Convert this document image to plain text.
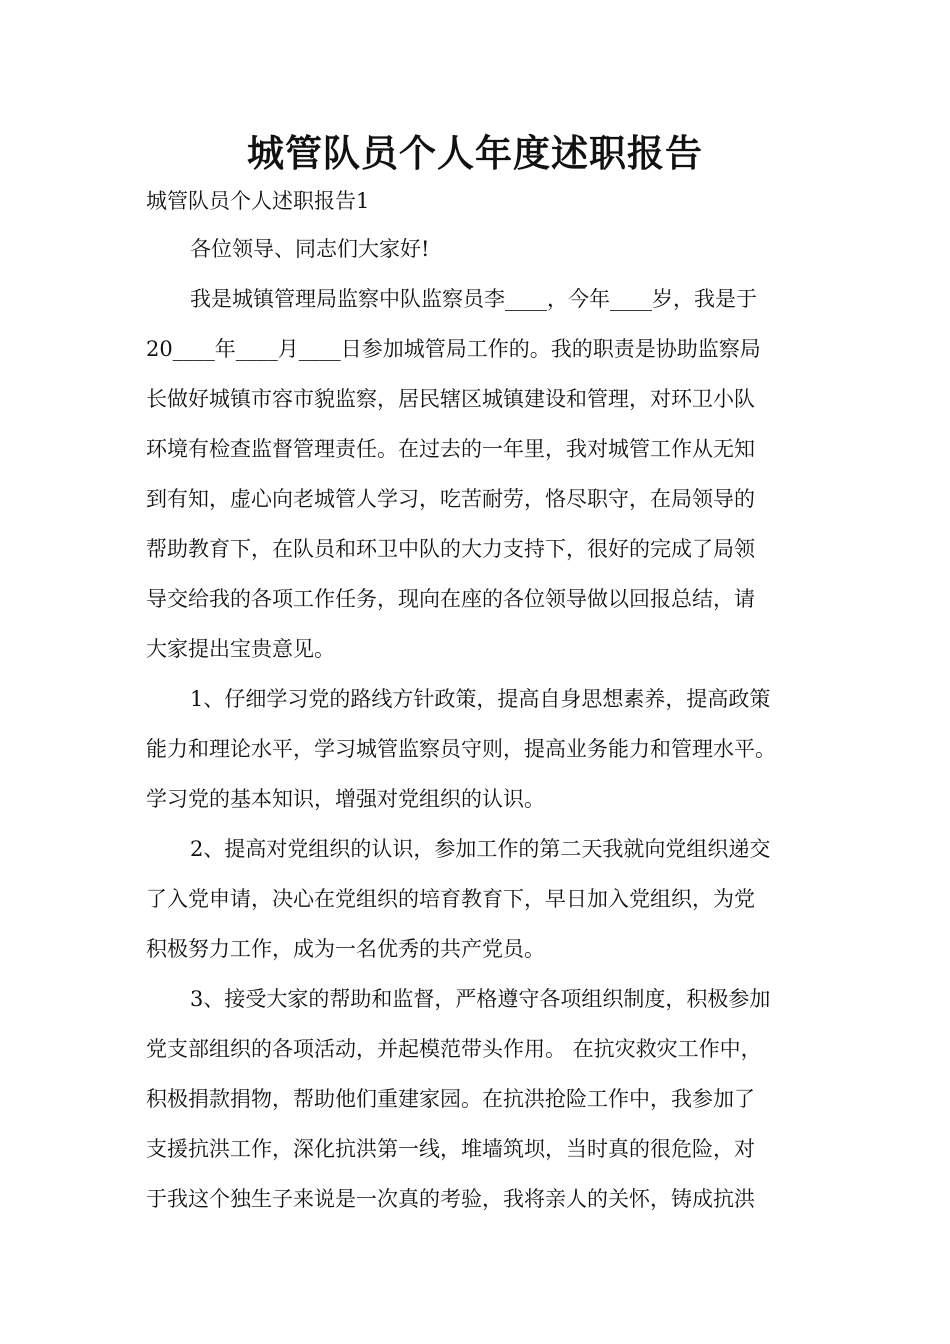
城管队员个人年度述职报告
城管队员个人述职报告1
各位领导、同志们大家好!
我是城镇管理局监察中队监察员李____，今年____岁，我是于
20____年____月____日参加城管局工作的。我的职责是协助监察局
长做好城镇市容市貌监察，居民辖区城镇建设和管理，对环卫小队
环境有检查监督管理责任。在过去的一年里，我对城管工作从无知
到有知，虚心向老城管人学习，吃苦耐劳，恪尽职守，在局领导的
帮助教育下，在队员和环卫中队的大力支持下，很好的完成了局领
导交给我的各项工作任务，现向在座的各位领导做以回报总结，请
大家提出宝贵意见。
1、仔细学习党的路线方针政策，提高自身思想素养，提高政策
能力和理论水平，学习城管监察员守则，提高业务能力和管理水平。
学习党的基本知识，增强对党组织的认识。
2、提高对党组织的认识，参加工作的第二天我就向党组织递交
了入党申请，决心在党组织的培育教育下，早日加入党组织，为党
积极努力工作，成为一名优秀的共产党员。
3、接受大家的帮助和监督，严格遵守各项组织制度，积极参加
党支部组织的各项活动，并起模范带头作用。 在抗灾救灾工作中，
积极捐款捐物，帮助他们重建家园。在抗洪抢险工作中，我参加了
支援抗洪工作，深化抗洪第一线，堆墙筑坝，当时真的很危险，对
于我这个独生子来说是一次真的考验，我将亲人的关怀，铸成抗洪
